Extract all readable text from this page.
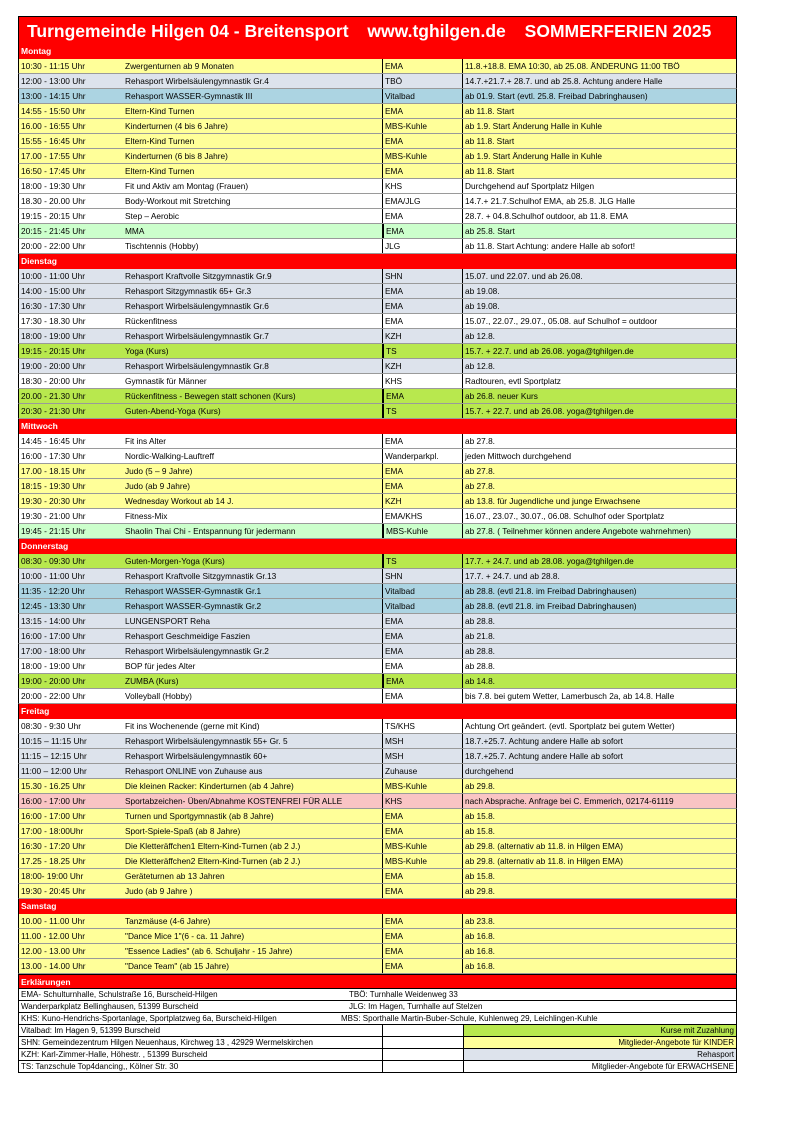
Turngemeinde Hilgen 04 - Breitensport www.tghilgen.de SOMMERFERIEN 2025
Montag
10:30 - 11:15 Uhr	Zwergenturnen ab 9 Monaten	EMA	11.8.+18.8. EMA 10:30, ab 25.08. ÄNDERUNG 11:00 TBÖ
12:00 - 13:00 Uhr	Rehasport Wirbelsäulengymnastik Gr.4	TBÖ	14.7.+21.7.+ 28.7. und ab 25.8. Achtung andere Halle
13:00 - 14:15 Uhr	Rehasport WASSER-Gymnastik III	Vitalbad	ab 01.9. Start (evtl. 25.8. Freibad Dabringhausen)
14:55 - 15:50 Uhr	Eltern-Kind Turnen	EMA	ab 11.8. Start
16.00 - 16:55 Uhr	Kinderturnen (4 bis 6 Jahre)	MBS-Kuhle	ab 1.9. Start Änderung Halle in Kuhle
15:55 - 16:45 Uhr	Eltern-Kind Turnen	EMA	ab 11.8. Start
17.00 - 17:55 Uhr	Kinderturnen (6 bis 8 Jahre)	MBS-Kuhle	ab 1.9. Start Änderung Halle in Kuhle
16:50 - 17:45 Uhr	Eltern-Kind Turnen	EMA	ab 11.8. Start
18:00 - 19:30 Uhr	Fit und Aktiv am Montag (Frauen)	KHS	Durchgehend auf Sportplatz Hilgen
18.30 - 20.00 Uhr	Body-Workout mit Stretching	EMA/JLG	14.7.+ 21.7.Schulhof EMA, ab 25.8. JLG Halle
19:15 - 20:15 Uhr	Step – Aerobic	EMA	28.7. + 04.8.Schulhof outdoor, ab 11.8. EMA
20:15 - 21:45 Uhr	MMA	EMA	ab 25.8. Start
20:00 - 22:00 Uhr	Tischtennis (Hobby)	JLG	ab 11.8. Start Achtung: andere Halle ab sofort!
Dienstag
10:00 - 11:00 Uhr	Rehasport Kraftvolle Sitzgymnastik Gr.9	SHN	15.07. und 22.07. und ab 26.08.
14:00 - 15:00 Uhr	Rehasport Sitzgymnastik 65+ Gr.3	EMA	ab 19.08.
16:30 - 17:30 Uhr	Rehasport Wirbelsäulengymnastik Gr.6	EMA	ab 19.08.
17:30 - 18.30 Uhr	Rückenfitness	EMA	15.07., 22.07., 29.07., 05.08. auf Schulhof = outdoor
18:00 - 19:00 Uhr	Rehasport Wirbelsäulengymnastik Gr.7	KZH	ab 12.8.
19:15 - 20:15 Uhr	Yoga (Kurs)	TS	15.7. + 22.7. und ab 26.08. yoga@tghilgen.de
19:00 - 20:00 Uhr	Rehasport Wirbelsäulengymnastik Gr.8	KZH	ab 12.8.
18:30 - 20:00 Uhr	Gymnastik für Männer	KHS	Radtouren, evtl Sportplatz
20.00 - 21.30 Uhr	Rückenfitness - Bewegen statt schonen (Kurs)	EMA	ab 26.8. neuer Kurs
20:30 - 21:30 Uhr	Guten-Abend-Yoga (Kurs)	TS	15.7. + 22.7. und ab 26.08. yoga@tghilgen.de
Mittwoch
14:45 - 16:45 Uhr	Fit ins Alter	EMA	ab 27.8.
16:00 - 17:30 Uhr	Nordic-Walking-Lauftreff	Wanderparkpl.	jeden Mittwoch durchgehend
17.00 - 18.15 Uhr	Judo (5 – 9 Jahre)	EMA	ab 27.8.
18:15 - 19:30 Uhr	Judo (ab 9 Jahre)	EMA	ab 27.8.
19:30 - 20:30 Uhr	Wednesday Workout ab 14 J.	KZH	ab 13.8. für Jugendliche und junge Erwachsene
19:30 - 21:00 Uhr	Fitness-Mix	EMA/KHS	16.07., 23.07., 30.07., 06.08. Schulhof oder Sportplatz
19:45 - 21:15 Uhr	Shaolin Thai Chi - Entspannung für jedermann	MBS-Kuhle	ab 27.8. ( Teilnehmer können andere Angebote wahrnehmen)
Donnerstag
08:30 - 09:30 Uhr	Guten-Morgen-Yoga (Kurs)	TS	17.7. + 24.7. und ab 28.08. yoga@tghilgen.de
10:00 - 11:00 Uhr	Rehasport Kraftvolle Sitzgymnastik Gr.13	SHN	17.7. + 24.7. und ab 28.8.
11:35 - 12:20 Uhr	Rehasport WASSER-Gymnastik Gr.1	Vitalbad	ab 28.8. (evtl 21.8. im Freibad Dabringhausen)
12:45 - 13:30 Uhr	Rehasport WASSER-Gymnastik Gr.2	Vitalbad	ab 28.8. (evtl 21.8. im Freibad Dabringhausen)
13:15 - 14:00 Uhr	LUNGENSPORT Reha	EMA	ab 28.8.
16:00 - 17:00 Uhr	Rehasport Geschmeidige Faszien	EMA	ab 21.8.
17:00 - 18:00 Uhr	Rehasport Wirbelsäulengymnastik Gr.2	EMA	ab 28.8.
18:00 - 19:00 Uhr	BOP für jedes Alter	EMA	ab 28.8.
19:00 - 20:00 Uhr	ZUMBA (Kurs)	EMA	ab 14.8.
20:00 - 22:00 Uhr	Volleyball (Hobby)	EMA	bis 7.8. bei gutem Wetter, Lamerbusch 2a, ab 14.8. Halle
Freitag
08:30 - 9:30 Uhr	Fit ins Wochenende (gerne mit Kind)	TS/KHS	Achtung Ort geändert. (evtl. Sportplatz bei gutem Wetter)
10:15 – 11:15 Uhr	Rehasport Wirbelsäulengymnastik 55+ Gr. 5	MSH	18.7.+25.7. Achtung andere Halle ab sofort
11:15 – 12:15 Uhr	Rehasport Wirbelsäulengymnastik 60+	MSH	18.7.+25.7. Achtung andere Halle ab sofort
11:00 – 12:00 Uhr	Rehasport ONLINE von Zuhause aus	Zuhause	durchgehend
15.30 - 16.25 Uhr	Die kleinen Racker: Kinderturnen (ab 4 Jahre)	MBS-Kuhle	ab 29.8.
16:00 - 17:00 Uhr	Sportabzeichen- Üben/Abnahme KOSTENFREI FÜR ALLE	KHS	nach Absprache. Anfrage bei C. Emmerich, 02174-61119
16:00 - 17:00 Uhr	Turnen und Sportgymnastik (ab 8 Jahre)	EMA	ab 15.8.
17:00 - 18:00Uhr	Sport-Spiele-Spaß (ab 8 Jahre)	EMA	ab 15.8.
16:30 - 17:20 Uhr	Die Kletteräffchen1 Eltern-Kind-Turnen (ab 2 J.)	MBS-Kuhle	ab 29.8. (alternativ ab 11.8. in Hilgen EMA)
17.25 - 18.25 Uhr	Die Kletteräffchen2 Eltern-Kind-Turnen (ab 2 J.)	MBS-Kuhle	ab 29.8. (alternativ ab 11.8. in Hilgen EMA)
18:00- 19:00 Uhr	Geräteturnen ab 13 Jahren	EMA	ab 15.8.
19:30 - 20:45 Uhr	Judo (ab 9 Jahre )	EMA	ab 29.8.
Samstag
10.00 - 11.00 Uhr	Tanzmäuse (4-6 Jahre)	EMA	ab 23.8.
11.00 - 12.00 Uhr	"Dance Mice 1"(6 - ca. 11 Jahre)	EMA	ab 16.8.
12.00 - 13.00 Uhr	"Essence Ladies" (ab 6. Schuljahr - 15 Jahre)	EMA	ab 16.8.
13.00 - 14.00 Uhr	"Dance Team" (ab 15 Jahre)	EMA	ab 16.8.
Erklärungen
EMA- Schulturnhalle, Schulstraße 16, Burscheid-Hilgen	TBÖ: Turnhalle Weidenweg 33
Wanderparkplatz Bellinghausen, 51399 Burscheid	JLG: Im Hagen, Turnhalle auf Stelzen
KHS: Kuno-Hendrichs-Sportanlage, Sportplatzweg 6a, Burscheid-Hilgen	MBS: Sporthalle Martin-Buber-Schule, Kuhlenweg 29, Leichlingen-Kuhle
Vitalbad: Im Hagen 9, 51399 Burscheid	Kurse mit Zuzahlung
SHN: Gemeindezentrum Hilgen Neuenhaus, Kirchweg 13 , 42929 Wermelskirchen	Mitglieder-Angebote für KINDER
KZH: Karl-Zimmer-Halle, Höhestr. , 51399 Burscheid	Rehasport
TS: Tanzschule Top4dancing,, Kölner Str. 30	Mitglieder-Angebote für ERWACHSENE
